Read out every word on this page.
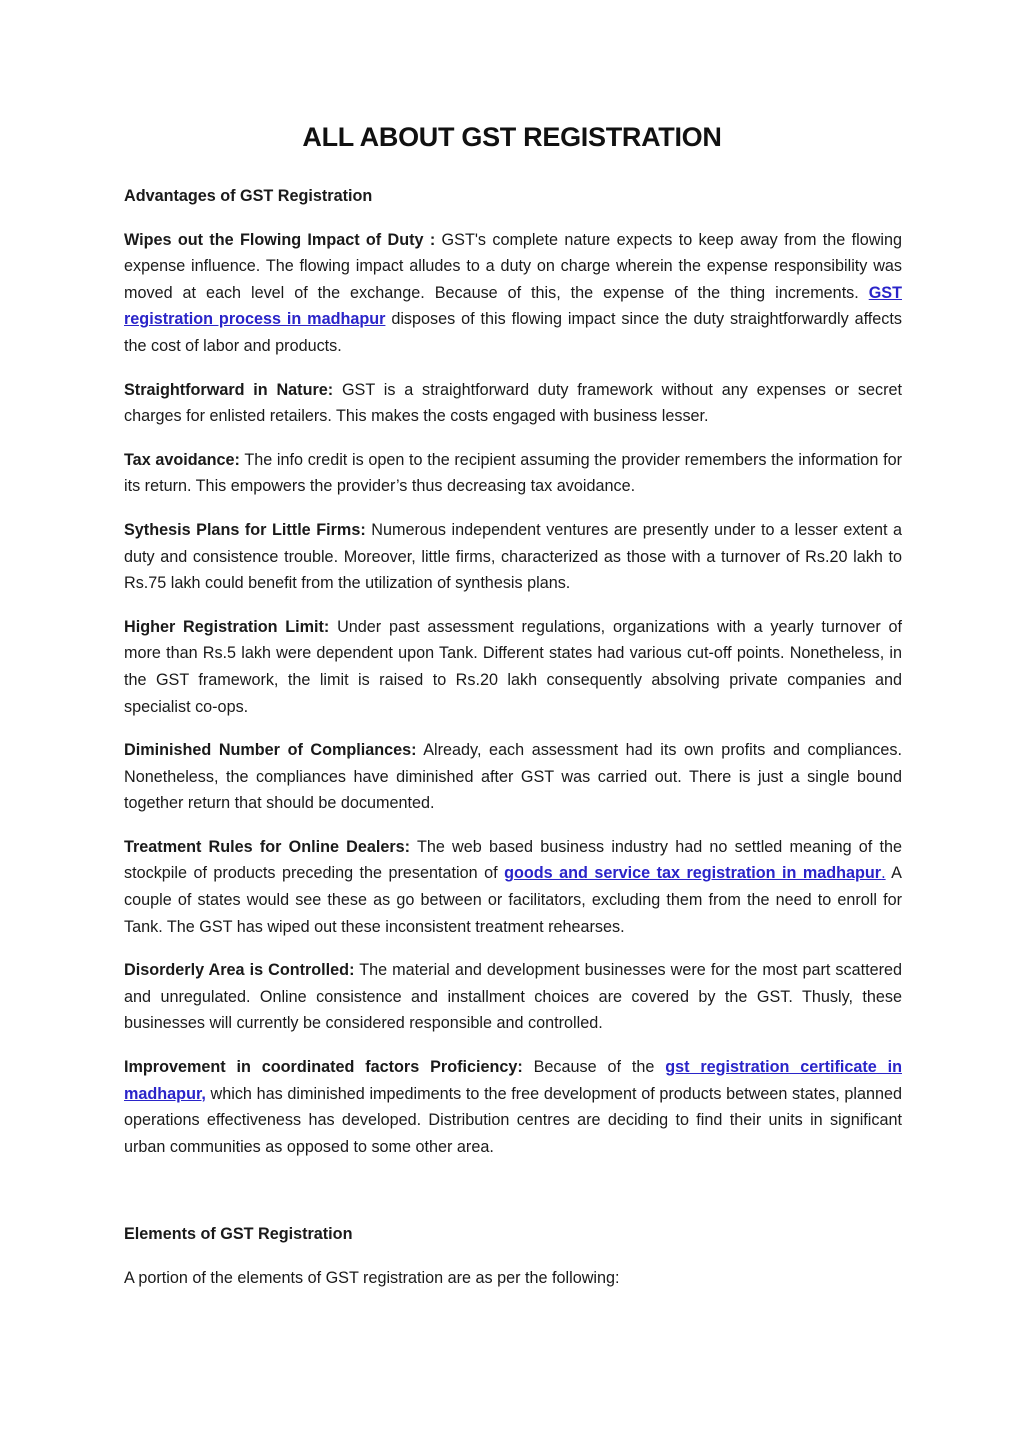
ALL ABOUT GST REGISTRATION

Advantages of GST Registration

Wipes out the Flowing Impact of Duty : GST's complete nature expects to keep away from the flowing expense influence. The flowing impact alludes to a duty on charge wherein the expense responsibility was moved at each level of the exchange. Because of this, the expense of the thing increments. GST registration process in madhapur disposes of this flowing impact since the duty straightforwardly affects the cost of labor and products.

Straightforward in Nature: GST is a straightforward duty framework without any expenses or secret charges for enlisted retailers. This makes the costs engaged with business lesser.

Tax avoidance: The info credit is open to the recipient assuming the provider remembers the information for its return. This empowers the provider’s thus decreasing tax avoidance.

Sythesis Plans for Little Firms: Numerous independent ventures are presently under to a lesser extent a duty and consistence trouble. Moreover, little firms, characterized as those with a turnover of Rs.20 lakh to Rs.75 lakh could benefit from the utilization of synthesis plans.

Higher Registration Limit: Under past assessment regulations, organizations with a yearly turnover of more than Rs.5 lakh were dependent upon Tank. Different states had various cut-off points. Nonetheless, in the GST framework, the limit is raised to Rs.20 lakh consequently absolving private companies and specialist co-ops.

Diminished Number of Compliances: Already, each assessment had its own profits and compliances. Nonetheless, the compliances have diminished after GST was carried out. There is just a single bound together return that should be documented.

Treatment Rules for Online Dealers: The web based business industry had no settled meaning of the stockpile of products preceding the presentation of goods and service tax registration in madhapur. A couple of states would see these as go between or facilitators, excluding them from the need to enroll for Tank. The GST has wiped out these inconsistent treatment rehearses.

Disorderly Area is Controlled: The material and development businesses were for the most part scattered and unregulated. Online consistence and installment choices are covered by the GST. Thusly, these businesses will currently be considered responsible and controlled.

Improvement in coordinated factors Proficiency: Because of the gst registration certificate in madhapur, which has diminished impediments to the free development of products between states, planned operations effectiveness has developed. Distribution centres are deciding to find their units in significant urban communities as opposed to some other area.

Elements of GST Registration

A portion of the elements of GST registration are as per the following:
